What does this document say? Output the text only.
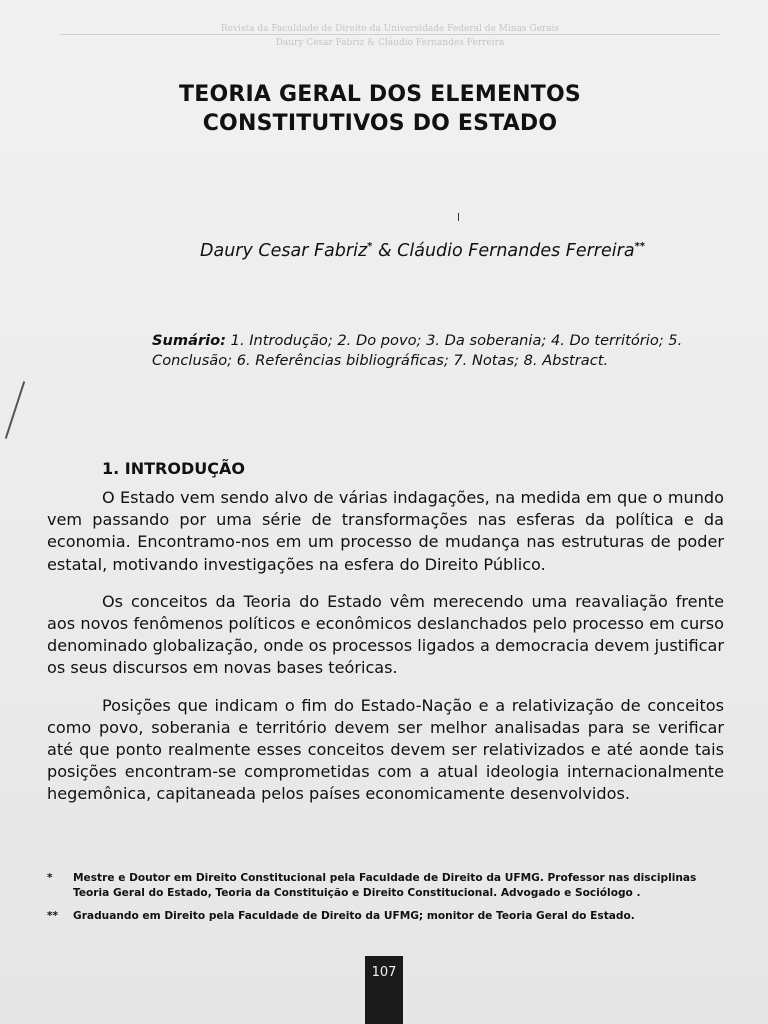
Revista da Faculdade de Direito da Universidade Federal de Minas Gerais
Daury Cesar Fabriz & Cláudio Fernandes Ferreira
TEORIA GERAL DOS ELEMENTOS
CONSTITUTIVOS DO ESTADO
Daury Cesar Fabriz* & Cláudio Fernandes Ferreira**
Sumário: 1. Introdução; 2. Do povo; 3. Da soberania; 4. Do território; 5. Conclusão; 6. Referências bibliográficas; 7. Notas; 8. Abstract.
1. INTRODUÇÃO

O Estado vem sendo alvo de várias indagações, na medida em que o mundo vem passando por uma série de transformações nas esferas da política e da economia. Encontramo-nos em um processo de mudança nas estruturas de poder estatal, motivando investigações na esfera do Direito Público.

Os conceitos da Teoria do Estado vêm merecendo uma reavaliação frente aos novos fenômenos políticos e econômicos deslanchados pelo processo em curso denominado globalização, onde os processos ligados a democracia devem justificar os seus discursos em novas bases teóricas.

Posições que indicam o fim do Estado-Nação e a relativização de conceitos como povo, soberania e território devem ser melhor analisadas para se verificar até que ponto realmente esses conceitos devem ser relativizados e até aonde tais posições encontram-se comprometidas com a atual ideologia internacionalmente hegemônica, capitaneada pelos países economicamente desenvolvidos.

*	Mestre e Doutor em Direito Constitucional pela Faculdade de Direito da UFMG. Professor nas disciplinas Teoria Geral do Estado, Teoria da Constituição e Direito Constitucional. Advogado e Sociólogo .
**	Graduando em Direito pela Faculdade de Direito da UFMG; monitor de Teoria Geral do Estado.
107
